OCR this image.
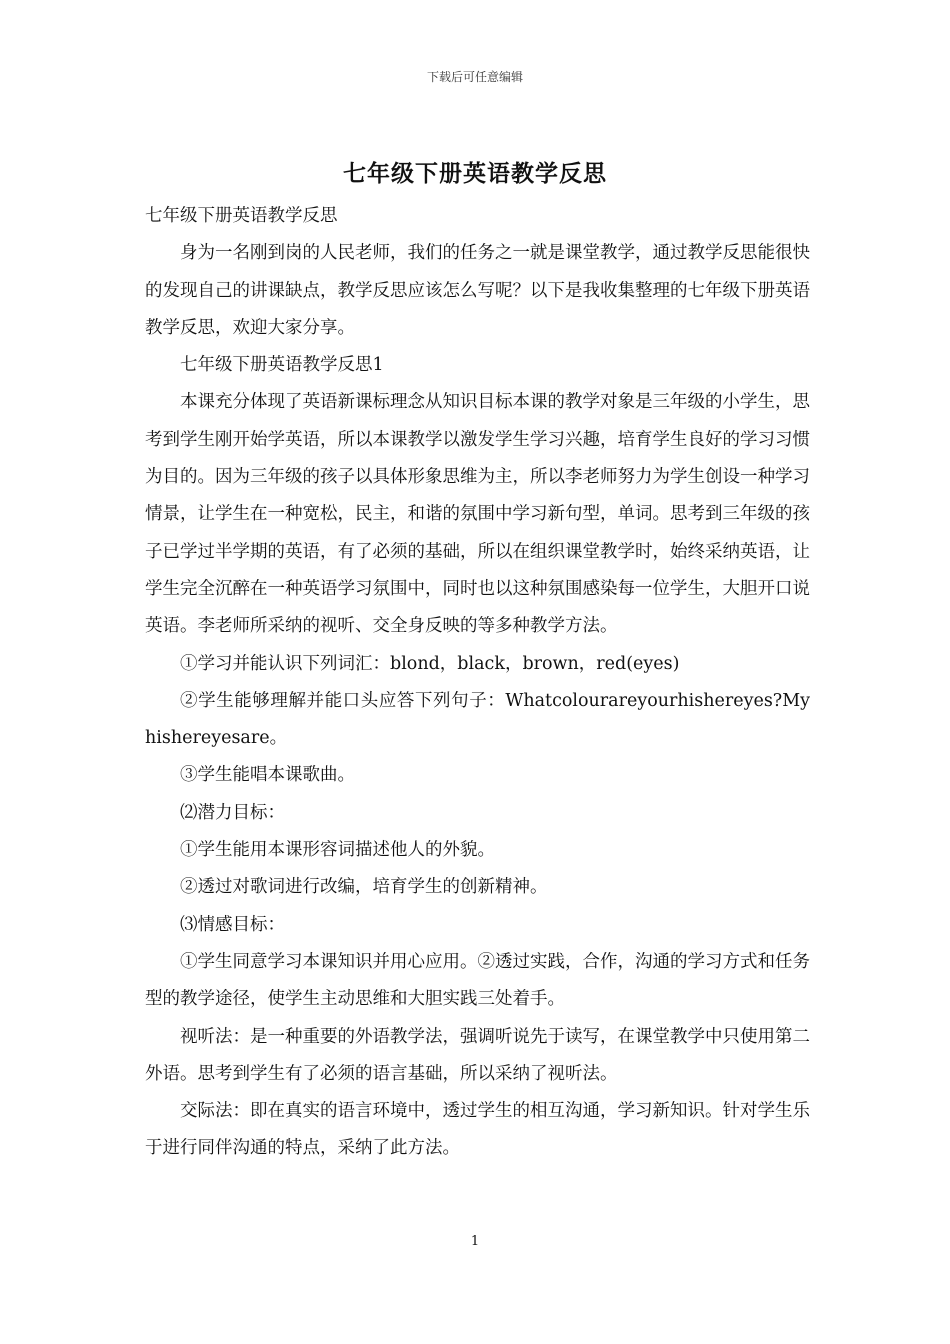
下载后可任意编辑
七年级下册英语教学反思

七年级下册英语教学反思

身为一名刚到岗的人民老师，我们的任务之一就是课堂教学，通过教学反思能很快的发现自己的讲课缺点，教学反思应该怎么写呢？以下是我收集整理的七年级下册英语教学反思，欢迎大家分享。

七年级下册英语教学反思1

本课充分体现了英语新课标理念从知识目标本课的教学对象是三年级的小学生，思考到学生刚开始学英语，所以本课教学以激发学生学习兴趣，培育学生良好的学习习惯为目的。因为三年级的孩子以具体形象思维为主，所以李老师努力为学生创设一种学习情景，让学生在一种宽松，民主，和谐的氛围中学习新句型，单词。思考到三年级的孩子已学过半学期的英语，有了必须的基础，所以在组织课堂教学时，始终采纳英语，让学生完全沉醉在一种英语学习氛围中，同时也以这种氛围感染每一位学生，大胆开口说英语。李老师所采纳的视听、交全身反映的等多种教学方法。

①学习并能认识下列词汇：blond，black，brown，red(eyes)

②学生能够理解并能口头应答下列句子：Whatcolourareyourhishereyes?Myhishereyesare。

③学生能唱本课歌曲。

⑵潜力目标：

①学生能用本课形容词描述他人的外貌。

②透过对歌词进行改编，培育学生的创新精神。

⑶情感目标：

①学生同意学习本课知识并用心应用。②透过实践，合作，沟通的学习方式和任务型的教学途径，使学生主动思维和大胆实践三处着手。

视听法：是一种重要的外语教学法，强调听说先于读写，在课堂教学中只使用第二外语。思考到学生有了必须的语言基础，所以采纳了视听法。

交际法：即在真实的语言环境中，透过学生的相互沟通，学习新知识。针对学生乐于进行同伴沟通的特点，采纳了此方法。

1
